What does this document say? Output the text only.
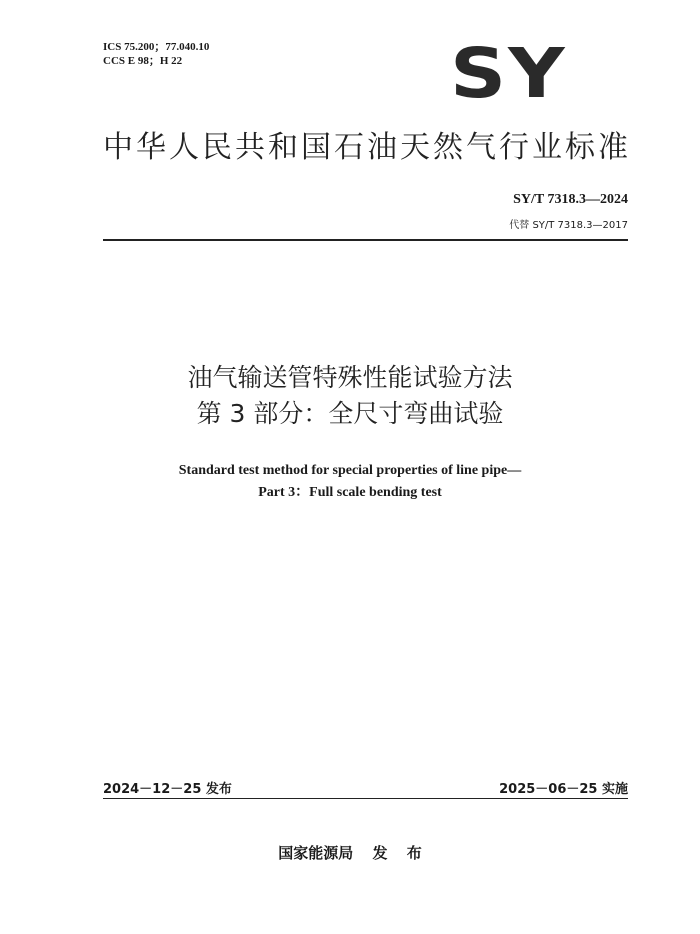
ICS 75.200；77.040.10
CCS E 98；H 22	SY
中华人民共和国石油天然气行业标准
SY/T 7318.3—2024
代替 SY/T 7318.3—2017
油气输送管特殊性能试验方法
第 3 部分：全尺寸弯曲试验
Standard test method for special properties of line pipe—
Part 3：Full scale bending test
2024－12－25 发布	2025－06－25 实施
国家能源局 发 布
